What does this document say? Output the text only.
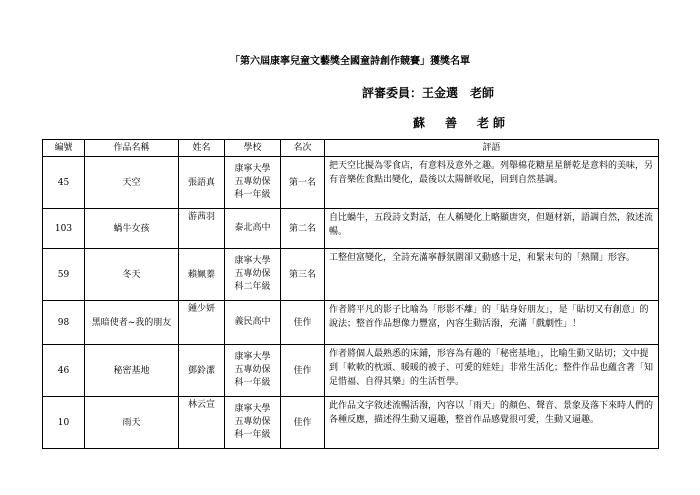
「第六屆康寧兒童文藝獎全國童詩創作競賽」獲獎名單
評審委員：王金選　老師
蘇　善　老師
編號	作品名稱	姓名	學校	名次	評語
45	天空	張語真	康寧大學
五專幼保
科一年級	第一名	把天空比擬為零食店，有意料及意外之趣。列舉棉花糖星星餅乾是意料的美味，另有音樂佐食點出變化，最後以太陽餅收尾，回到自然基調。
103	蝸牛女孩	游茜羽	泰北高中	第二名	自比蝸牛，五段詩文對話，在人稱變化上略顯唐突，但題材新，語調自然，敘述流暢。
59	冬天	賴姵蓁	康寧大學
五專幼保
科二年級	第三名	工整但富變化，全詩充滿寧靜氛圍卻又動感十足，和緊末句的「熱鬧」形容。
98	黑暗使者~我的朋友	鍾少妍	義民高中	佳作	作者將平凡的影子比喻為「形影不離」的「貼身好朋友」，是「貼切又有創意」的說法；整首作品想像力豐富，內容生動活潑，充滿「戲劇性」！
46	秘密基地	鄧鈴潔	康寧大學
五專幼保
科一年級	佳作	作者將個人最熟悉的床鋪，形容為有趣的「秘密基地」，比喻生動又貼切；文中提到「軟軟的枕頭、暖暖的被子、可愛的娃娃」非常生活化；整件作品也蘊含著「知足惜福、自得其樂」的生活哲學。
10	雨天	林云宣	康寧大學
五專幼保
科一年級	佳作	此作品文字敘述流暢活潑，內容以「雨天」的顏色、聲音、景象及落下來時人們的各種反應，描述得生動又逼趣，整首作品感覺很可愛，生動又逼趣。
